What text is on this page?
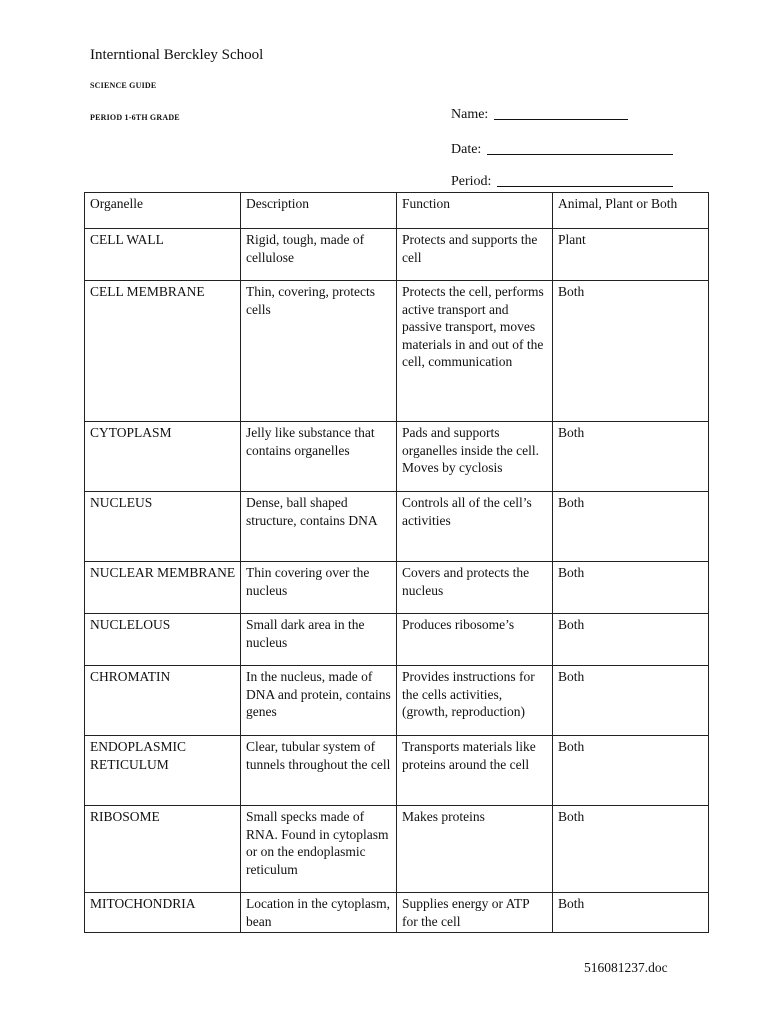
Interntional Berckley School
SCIENCE GUIDE
PERIOD 1-6TH GRADE	Name:
Date:
Period:
Organelle	Description	Function	Animal, Plant or Both
CELL WALL	Rigid, tough, made of cellulose	Protects and supports the cell	Plant
CELL MEMBRANE	Thin, covering, protects cells	Protects the cell, performs active transport and passive transport, moves materials in and out of the cell, communication	Both
CYTOPLASM	Jelly like substance that contains organelles	Pads and supports organelles inside the cell. Moves by cyclosis	Both
NUCLEUS	Dense, ball shaped structure, contains DNA	Controls all of the cell’s activities	Both
NUCLEAR MEMBRANE	Thin covering over the nucleus	Covers and protects the nucleus	Both
NUCLELOUS	Small dark area in the nucleus	Produces ribosome’s	Both
CHROMATIN	In the nucleus, made of DNA and protein, contains genes	Provides instructions for the cells activities, (growth, reproduction)	Both
ENDOPLASMIC RETICULUM	Clear, tubular system of tunnels throughout the cell	Transports materials like proteins around the cell	Both
RIBOSOME	Small specks made of RNA. Found in cytoplasm or on the endoplasmic reticulum	Makes proteins	Both
MITOCHONDRIA	Location in the cytoplasm, bean	Supplies energy or ATP for the cell	Both
516081237.doc
